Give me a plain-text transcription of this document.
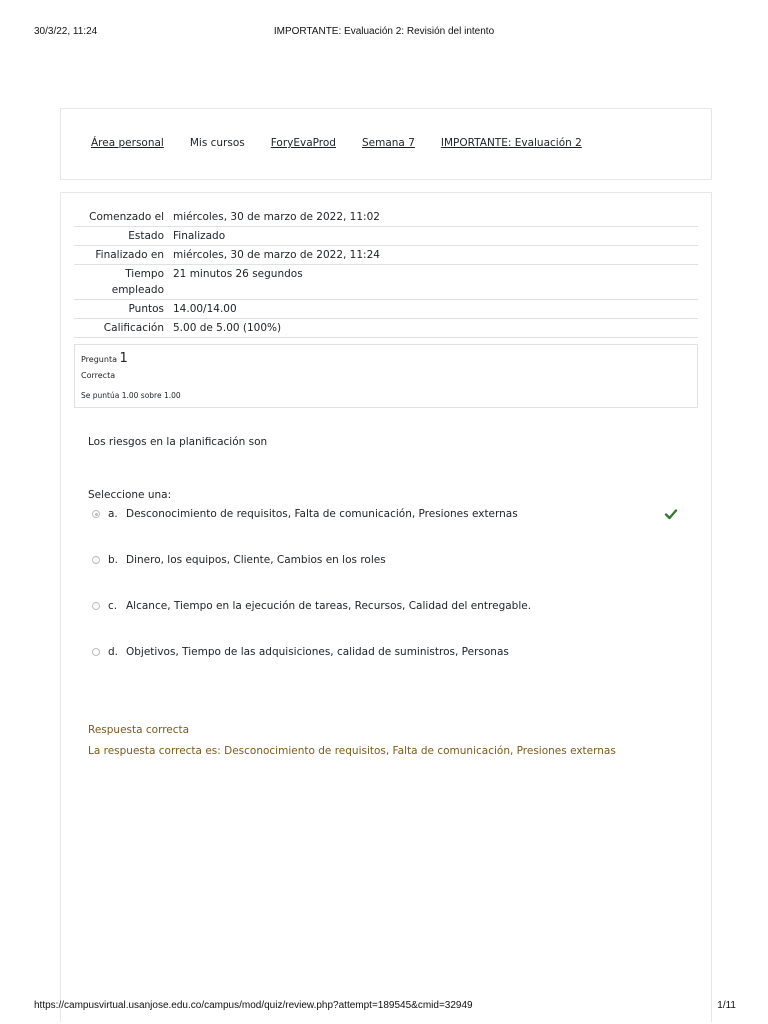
30/3/22, 11:24	IMPORTANTE: Evaluación 2: Revisión del intento
Área personal Mis cursos ForyEvaProd Semana 7 IMPORTANTE: Evaluación 2
Comenzado el miércoles, 30 de marzo de 2022, 11:02
Estado Finalizado
Finalizado en miércoles, 30 de marzo de 2022, 11:24
Tiempo
empleado
21 minutos 26 segundos
Puntos 14.00/14.00
Calificación 5.00 de 5.00 (100%)
Pregunta 1
Correcta
Se puntúa 1.00 sobre 1.00
Los riesgos en la planificación son
Seleccione una:
a. Desconocimiento de requisitos, Falta de comunicación, Presiones externas
b. Dinero, los equipos, Cliente, Cambios en los roles
c. Alcance, Tiempo en la ejecución de tareas, Recursos, Calidad del entregable.
d. Objetivos, Tiempo de las adquisiciones, calidad de suministros, Personas
Respuesta correcta
La respuesta correcta es: Desconocimiento de requisitos, Falta de comunicación, Presiones externas
https://campusvirtual.usanjose.edu.co/campus/mod/quiz/review.php?attempt=189545&cmid=32949	1/11
